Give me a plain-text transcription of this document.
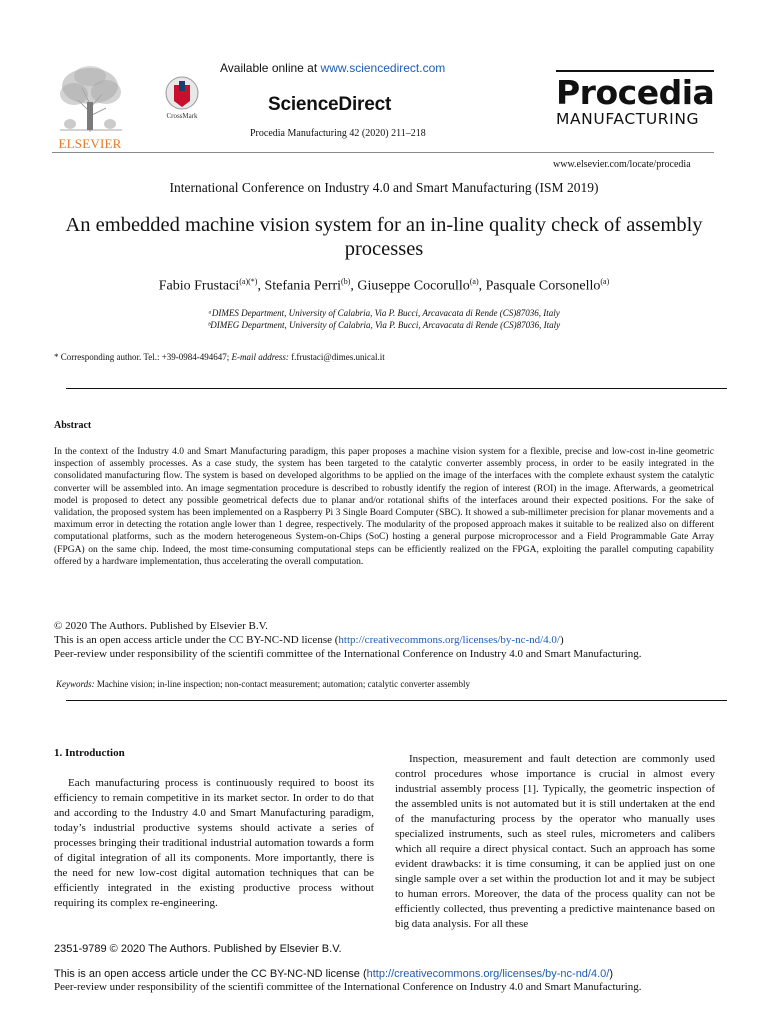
ELSEVIER
Available online at www.sciencedirect.com
CrossMark
ScienceDirect
Procedia Manufacturing 42 (2020) 211–218
Procedia
MANUFACTURING
www.elsevier.com/locate/procedia
International Conference on Industry 4.0 and Smart Manufacturing (ISM 2019)
An embedded machine vision system for an in-line quality check of assembly processes
Fabio Frustaci$^{(a)(*)}$, Stefania Perri$^{(b)}$, Giuseppe Cocorullo$^{(a)}$, Pasquale Corsonello$^{(a)}$
ᵃDIMES Department, University of Calabria, Via P. Bucci, Arcavacata di Rende (CS)87036, Italy
ᵇDIMEG Department, University of Calabria, Via P. Bucci, Arcavacata di Rende (CS)87036, Italy
* Corresponding author. Tel.: +39-0984-494647; E-mail address: f.frustaci@dimes.unical.it
Abstract
In the context of the Industry 4.0 and Smart Manufacturing paradigm, this paper proposes a machine vision system for a flexible, precise and low-cost in-line geometric inspection of assembly processes. As a case study, the system has been targeted to the catalytic converter assembly process, in order to be easily integrated in the consolidated manufacturing flow. The system is based on developed algorithms to be applied on the image of the interfaces with the complete exhaust system the catalytic converter will be assembled into. An image segmentation procedure is described to robustly identify the region of interest (ROI) in the image. Afterwards, a geometrical model is proposed to detect any possible geometrical defects due to planar and/or rotational shifts of the interfaces around their expected positions. For the sake of validation, the proposed system has been implemented on a Raspberry Pi 3 Single Board Computer (SBC). It showed a sub-millimeter precision for planar movements and a maximum error in detecting the rotation angle lower than 1 degree, respectively. The modularity of the proposed approach makes it suitable to be realized also on different computational platforms, such as the modern heterogeneous System-on-Chips (SoC) hosting a general purpose microprocessor and a Field Programmable Gate Array (FPGA) on the same chip. Indeed, the most time-consuming computational steps can be efficiently realized on the FPGA, exploiting the parallel computing capability offered by a hardware implementation, thus accelerating the overall computation.
© 2020 The Authors. Published by Elsevier B.V.
This is an open access article under the CC BY-NC-ND license (http://creativecommons.org/licenses/by-nc-nd/4.0/)
Peer-review under responsibility of the scientifi committee of the International Conference on Industry 4.0 and Smart Manufacturing.
Keywords: Machine vision; in-line inspection; non-contact measurement; automation; catalytic converter assembly
1. Introduction
Each manufacturing process is continuously required to boost its efficiency to remain competitive in its market sector. In order to do that and according to the Industry 4.0 and Smart Manufacturing paradigm, today’s industrial productive systems should activate a series of processes bringing their traditional industrial automation towards a form of digital integration of all its components. More importantly, there is the need for new low-cost digital automation techniques that can be efficiently integrated in the existing productive process without requiring its complex re-engineering.
Inspection, measurement and fault detection are commonly used control procedures whose importance is crucial in almost every industrial assembly process [1]. Typically, the geometric inspection of the assembled units is not automated but it is still undertaken at the end of the manufacturing process by the operator who manually uses specialized instruments, such as steel rules, micrometers and calibers which all require a direct physical contact. Such an approach has some evident drawbacks: it is time consuming, it can be applied just on one single sample over a set within the production lot and it may be subject to human errors. Moreover, the data of the process quality can not be efficiently collected, thus preventing a predictive maintenance based on big data analysis. For all these
2351-9789 © 2020 The Authors. Published by Elsevier B.V.
This is an open access article under the CC BY-NC-ND license (http://creativecommons.org/licenses/by-nc-nd/4.0/)
Peer-review under responsibility of the scientifi committee of the International Conference on Industry 4.0 and Smart Manufacturing.
